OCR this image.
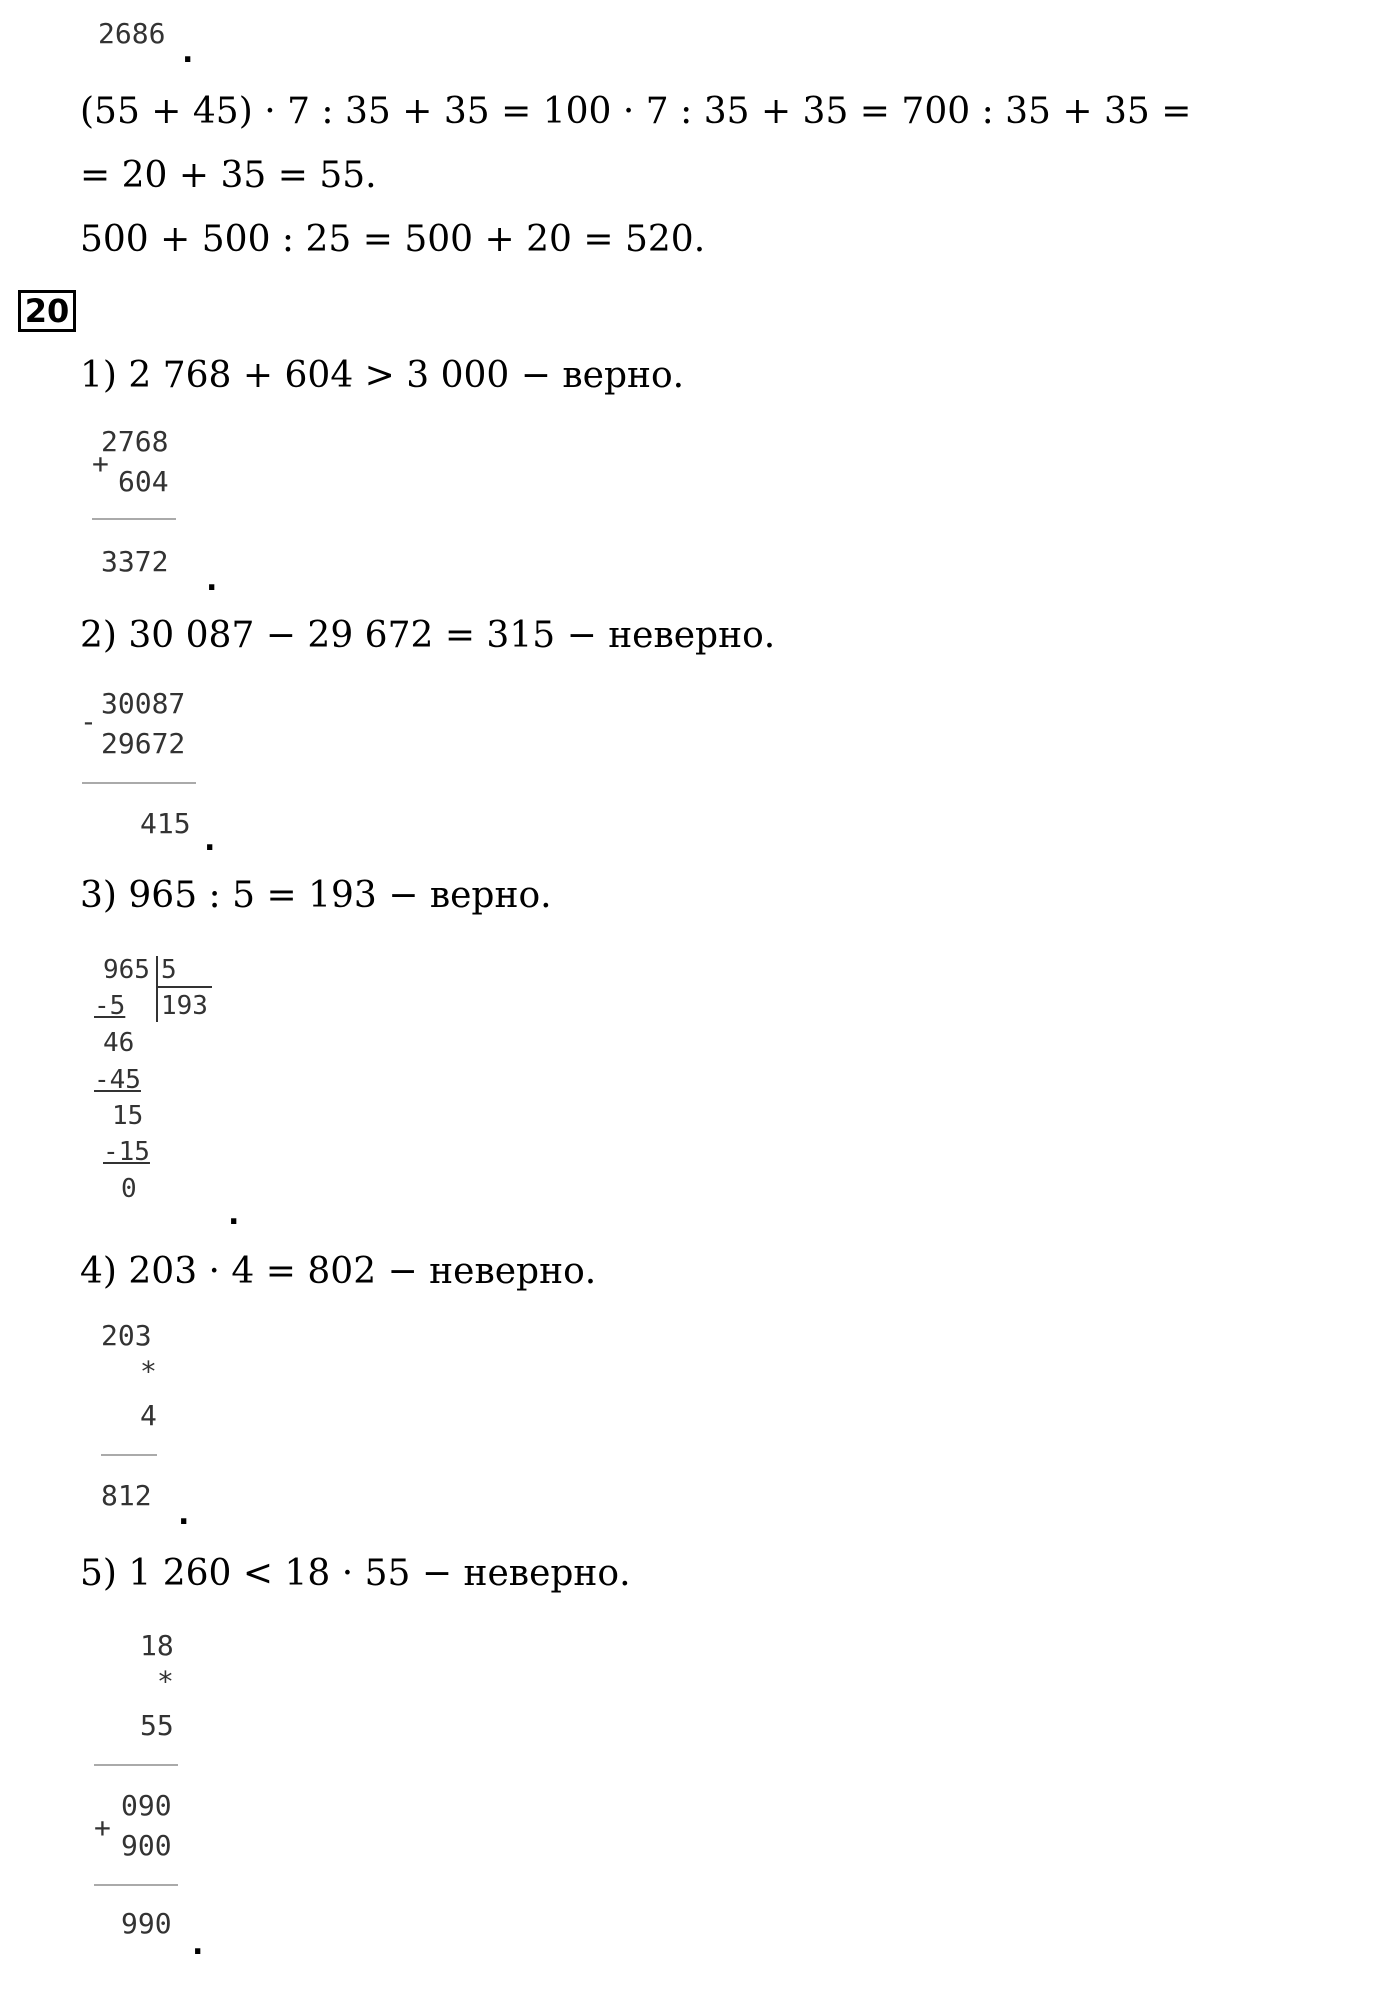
2686
.
(55 + 45) · 7 : 35 + 35 = 100 · 7 : 35 + 35 = 700 : 35 + 35 =
= 20 + 35 = 55.
500 + 500 : 25 = 500 + 20 = 520.
20
1) 2 768 + 604 > 3 000 − верно.
2768
+
604
3372
.
2) 30 087 − 29 672 = 315 − неверно.
30087
-
29672
415 .
3) 965 : 5 = 193 − верно.
965 5
193
-5
46
-45
15
-15
0
.
4) 203 · 4 = 802 − неверно.
203
*
4
812
.
5) 1 260 < 18 · 55 − неверно.
18
*
55
090
+
900
990
.
